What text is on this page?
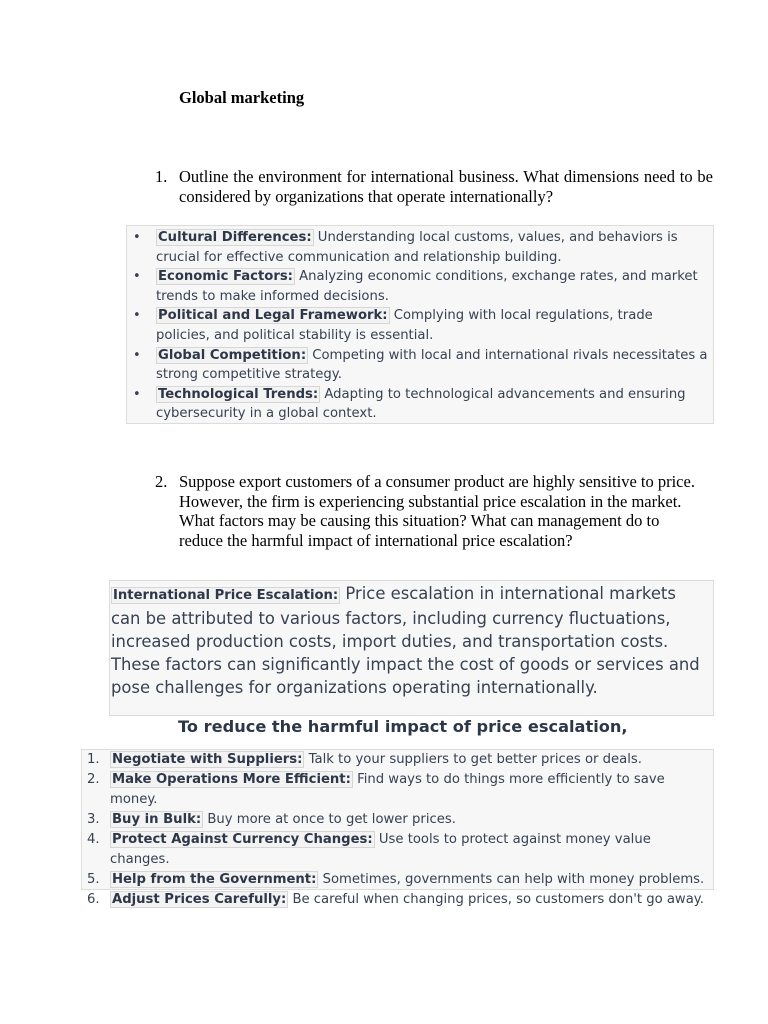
Global marketing
1. Outline the environment for international business. What dimensions need to be considered by organizations that operate internationally?
• Cultural Differences: Understanding local customs, values, and behaviors is crucial for effective communication and relationship building.
• Economic Factors: Analyzing economic conditions, exchange rates, and market trends to make informed decisions.
• Political and Legal Framework: Complying with local regulations, trade policies, and political stability is essential.
• Global Competition: Competing with local and international rivals necessitates a strong competitive strategy.
• Technological Trends: Adapting to technological advancements and ensuring cybersecurity in a global context.
2. Suppose export customers of a consumer product are highly sensitive to price. However, the firm is experiencing substantial price escalation in the market. What factors may be causing this situation? What can management do to reduce the harmful impact of international price escalation?
International Price Escalation: Price escalation in international markets can be attributed to various factors, including currency fluctuations, increased production costs, import duties, and transportation costs. These factors can significantly impact the cost of goods or services and pose challenges for organizations operating internationally.
To reduce the harmful impact of price escalation,
1. Negotiate with Suppliers: Talk to your suppliers to get better prices or deals.
2. Make Operations More Efficient: Find ways to do things more efficiently to save money.
3. Buy in Bulk: Buy more at once to get lower prices.
4. Protect Against Currency Changes: Use tools to protect against money value changes.
5. Help from the Government: Sometimes, governments can help with money problems.
6. Adjust Prices Carefully: Be careful when changing prices, so customers don't go away.
